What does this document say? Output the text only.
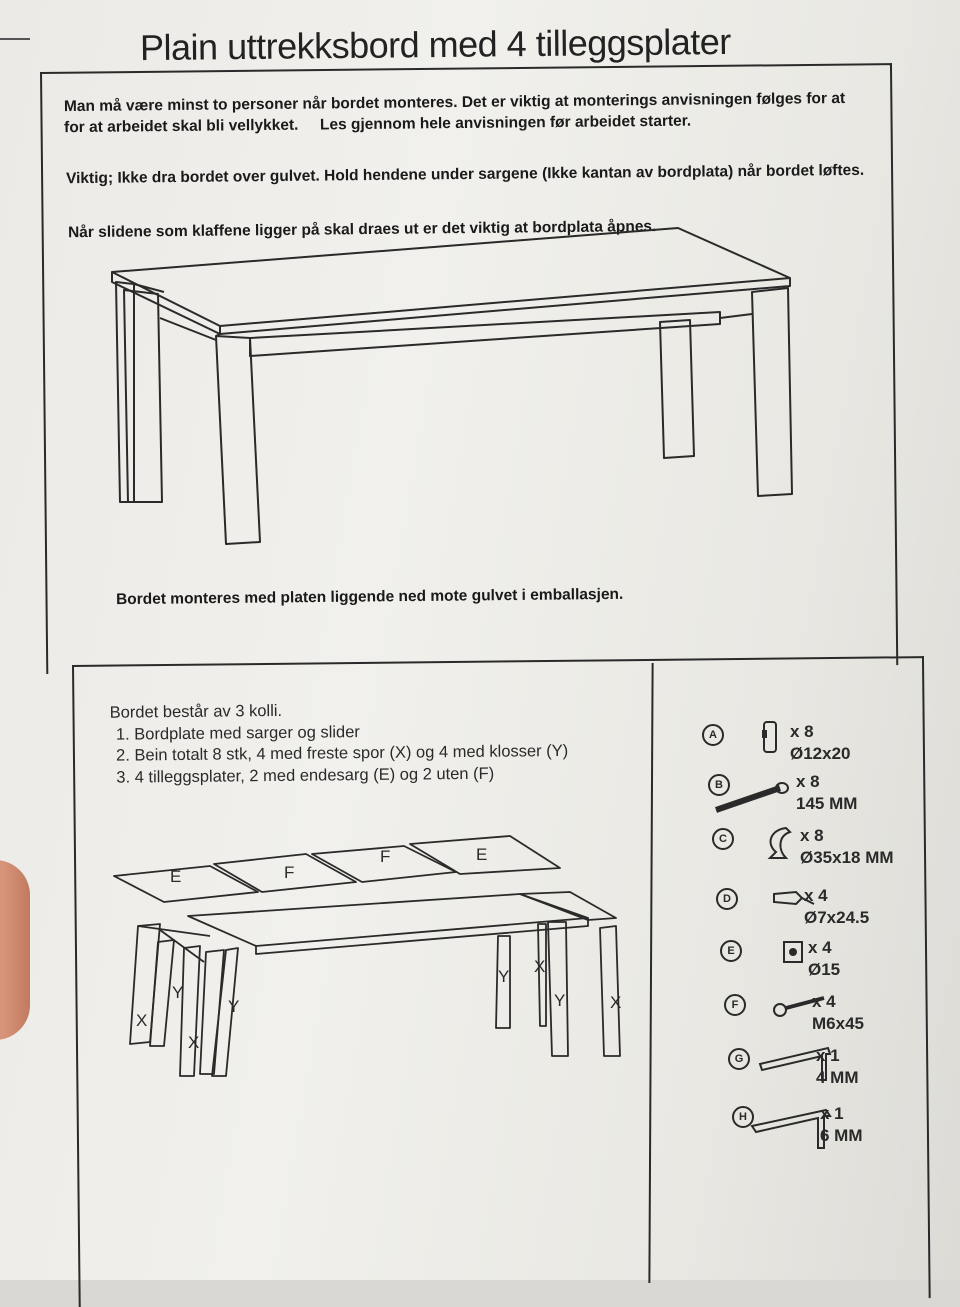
Plain uttrekksbord med 4 tilleggsplater
Man må være minst to personer når bordet monteres. Det er viktig at monterings anvisningen følges for at
for at arbeidet skal bli vellykket.     Les gjennom hele anvisningen før arbeidet starter.
Viktig; Ikke dra bordet over gulvet. Hold hendene under sargene (Ikke kantan av bordplata) når bordet løftes.
Når slidene som klaffene ligger på skal draes ut er det viktig at bordplata åpnes.
Bordet monteres med platen liggende ned mote gulvet i emballasjen.
Bordet består av 3 kolli.
1. Bordplate med sarger og slider
2. Bein totalt 8 stk, 4 med freste spor (X) og 4 med klosser (Y)
3. 4 tilleggsplater, 2 med endesarg (E) og 2 uten (F)
E	F
F	E
Y
Y
X
X
Y
X
Y	X
A	x 8
Ø12x20
B	x 8
145 MM
C	x 8
Ø35x18 MM
D	x 4
Ø7x24.5
E	x 4
Ø15
F	x 4
M6x45
G	x 1
4 MM
H	x 1
6 MM
